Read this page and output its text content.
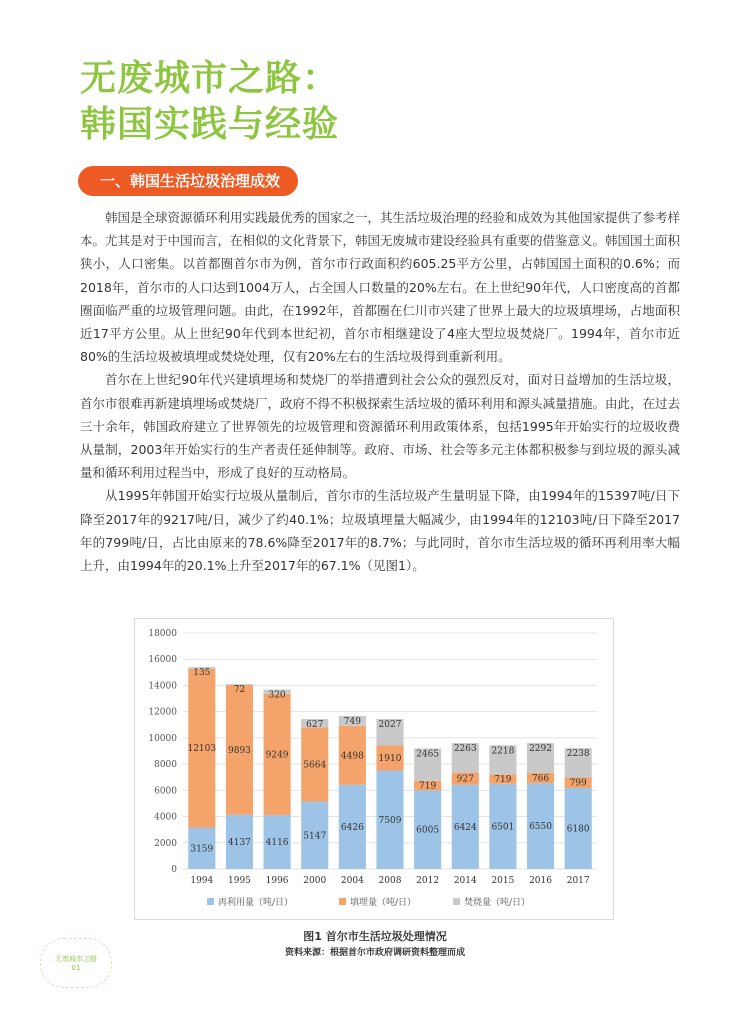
无废城市之路：
韩国实践与经验
一、韩国生活垃圾治理成效

韩国是全球资源循环利用实践最优秀的国家之一，其生活垃圾治理的经验和成效为其他国家提供了参考样本。尤其是对于中国而言，在相似的文化背景下，韩国无废城市建设经验具有重要的借鉴意义。韩国国土面积狭小，人口密集。以首都圈首尔市为例，首尔市行政面积约605.25平方公里，占韩国国土面积的0.6%；而2018年，首尔市的人口达到1004万人，占全国人口数量的20%左右。在上世纪90年代，人口密度高的首都圈面临严重的垃圾管理问题。由此，在1992年，首都圈在仁川市兴建了世界上最大的垃圾填埋场，占地面积近17平方公里。从上世纪90年代到本世纪初，首尔市相继建设了4座大型垃圾焚烧厂。1994年，首尔市近80%的生活垃圾被填埋或焚烧处理，仅有20%左右的生活垃圾得到重新利用。

首尔在上世纪90年代兴建填埋场和焚烧厂的举措遭到社会公众的强烈反对，面对日益增加的生活垃圾，首尔市很难再新建填埋场或焚烧厂，政府不得不积极探索生活垃圾的循环利用和源头减量措施。由此，在过去三十余年，韩国政府建立了世界领先的垃圾管理和资源循环利用政策体系，包括1995年开始实行的垃圾收费从量制，2003年开始实行的生产者责任延伸制等。政府、市场、社会等多元主体都积极参与到垃圾的源头减量和循环利用过程当中，形成了良好的互动格局。

从1995年韩国开始实行垃圾从量制后，首尔市的生活垃圾产生量明显下降，由1994年的15397吨/日下降至2017年的9217吨/日，减少了约40.1%；垃圾填埋量大幅减少，由1994年的12103吨/日下降至2017年的799吨/日，占比由原来的78.6%降至2017年的8.7%；与此同时，首尔市生活垃圾的循环再利用率大幅上升，由1994年的20.1%上升至2017年的67.1%（见图1）。

0
2000
4000
6000
8000
10000
12000
14000
16000
18000
3159
12103
135
1994
4137
9893
72
1995
4116
9249
320
1996
5147
5664
627
2000
6426
4498
749
2004
7509
1910
2027
2008
6005
719
2465
2012
6424
927
2263
2014
6501
719
2218
2015
6550
766
2292
2016
6180
799
2238
2017
再利用量（吨/日）	填埋量（吨/日）	焚烧量（吨/日）
图1 首尔市生活垃圾处理情况
资料来源：根据首尔市政府调研资料整理而成
无废城市之路
01
